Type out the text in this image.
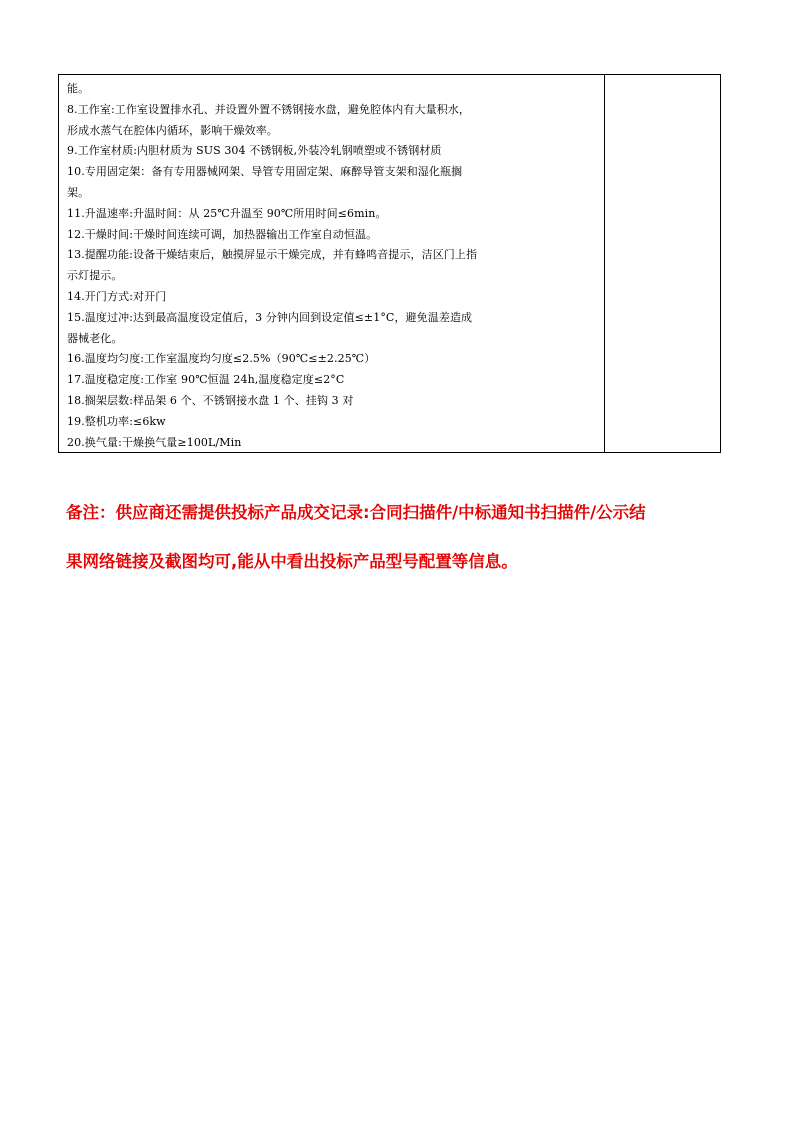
能。
8.工作室:工作室设置排水孔、并设置外置不锈钢接水盘，避免腔体内有大量积水，
形成水蒸气在腔体内循环，影响干燥效率。
9.工作室材质:内胆材质为 SUS 304 不锈钢板,外装冷轧钢喷塑或不锈钢材质
10.专用固定架：备有专用器械网架、导管专用固定架、麻醉导管支架和湿化瓶搁
架。
11.升温速率:升温时间：从 25℃升温至 90℃所用时间≤6min。
12.干燥时间:干燥时间连续可调，加热器输出工作室自动恒温。
13.提醒功能:设备干燥结束后，触摸屏显示干燥完成，并有蜂鸣音提示，洁区门上指
示灯提示。
14.开门方式:对开门
15.温度过冲:达到最高温度设定值后，3 分钟内回到设定值≤±1°C，避免温差造成
器械老化。
16.温度均匀度:工作室温度均匀度≤2.5%（90℃≤±2.25℃）
17.温度稳定度:工作室 90℃恒温 24h,温度稳定度≤2°C
18.搁架层数:样品架 6 个、不锈钢接水盘 1 个、挂钩 3 对
19.整机功率:≤6kw
20.换气量:干燥换气量≥100L/Min
备注：供应商还需提供投标产品成交记录:合同扫描件/中标通知书扫描件/公示结
果网络链接及截图均可,能从中看出投标产品型号配置等信息。
